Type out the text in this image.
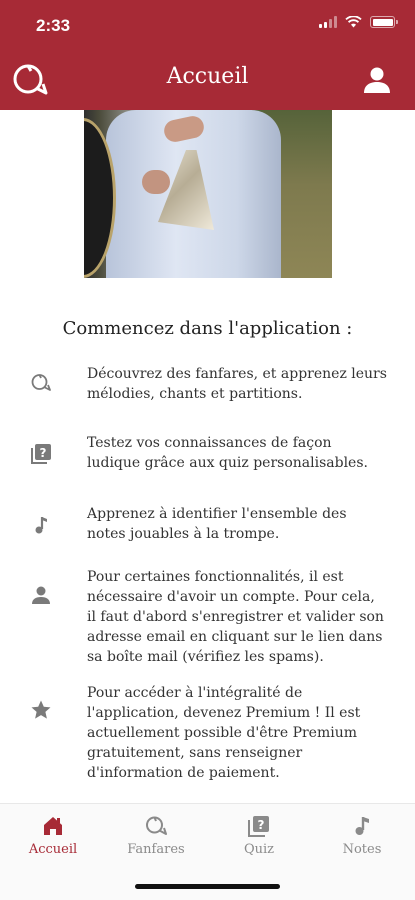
2:33
Accueil
Commencez dans l'application :
Découvrez des fanfares, et apprenez leurs mélodies, chants et partitions.
?
Testez vos connaissances de façon ludique grâce aux quiz personalisables.
Apprenez à identifier l'ensemble des notes jouables à la trompe.
Pour certaines fonctionnalités, il est nécessaire d'avoir un compte. Pour cela, il faut d'abord s'enregistrer et valider son adresse email en cliquant sur le lien dans sa boîte mail (vérifiez les spams).
Pour accéder à l'intégralité de l'application, devenez Premium ! Il est actuellement possible d'être Premium gratuitement, sans renseigner d'information de paiement.
Accueil	Fanfares
?
Quiz	Notes
